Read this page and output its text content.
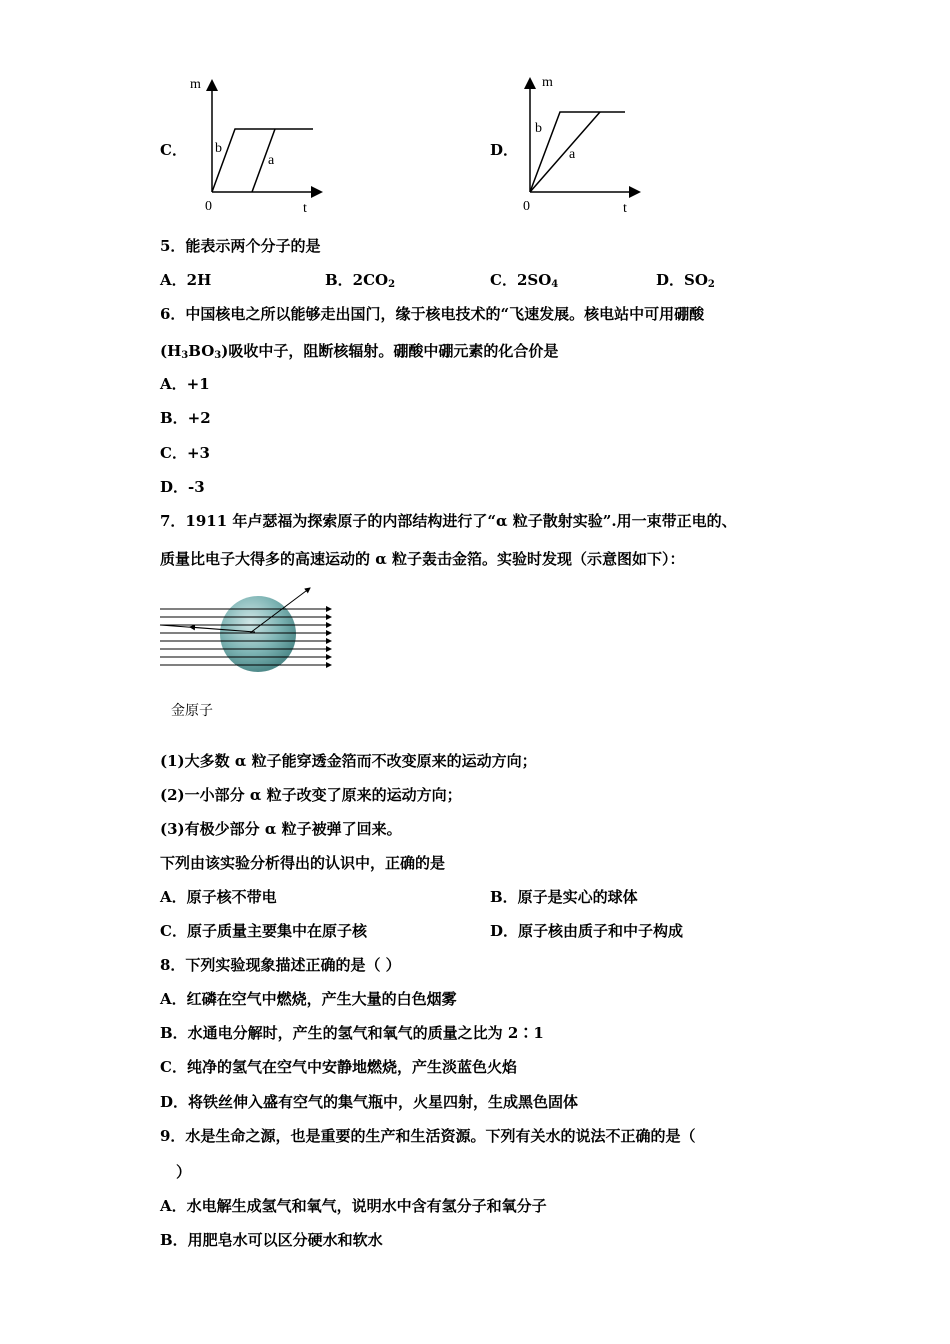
C．
m
t
0
b
a
D．
m
t
0
b
a
5．能表示两个分子的是
A．2H	B．$2CO_2$	C．$2SO_4$	D．$SO_2$
6．中国核电之所以能够走出国门，缘于核电技术的“飞速发展。核电站中可用硼酸
$(H_3BO_3)$吸收中子，阻断核辐射。硼酸中硼元素的化合价是
A．+1
B．+2
C．+3
D．-3
7．1911 年卢瑟福为探索原子的内部结构进行了“α 粒子散射实验”.用一束带正电的、
质量比电子大得多的高速运动的 α 粒子轰击金箔。实验时发现（示意图如下）：
金原子
(1)大多数 α 粒子能穿透金箔而不改变原来的运动方向；
(2)一小部分 α 粒子改变了原来的运动方向；
(3)有极少部分 α 粒子被弹了回来。
下列由该实验分析得出的认识中，正确的是
A．原子核不带电	B．原子是实心的球体
C．原子质量主要集中在原子核	D．原子核由质子和中子构成
8．下列实验现象描述正确的是（ ）
A．红磷在空气中燃烧，产生大量的白色烟雾
B．水通电分解时，产生的氢气和氧气的质量之比为 2∶1
C．纯净的氢气在空气中安静地燃烧，产生淡蓝色火焰
D．将铁丝伸入盛有空气的集气瓶中，火星四射，生成黑色固体
9．水是生命之源，也是重要的生产和生活资源。下列有关水的说法不正确的是（
）
A．水电解生成氢气和氧气，说明水中含有氢分子和氧分子
B．用肥皂水可以区分硬水和软水
